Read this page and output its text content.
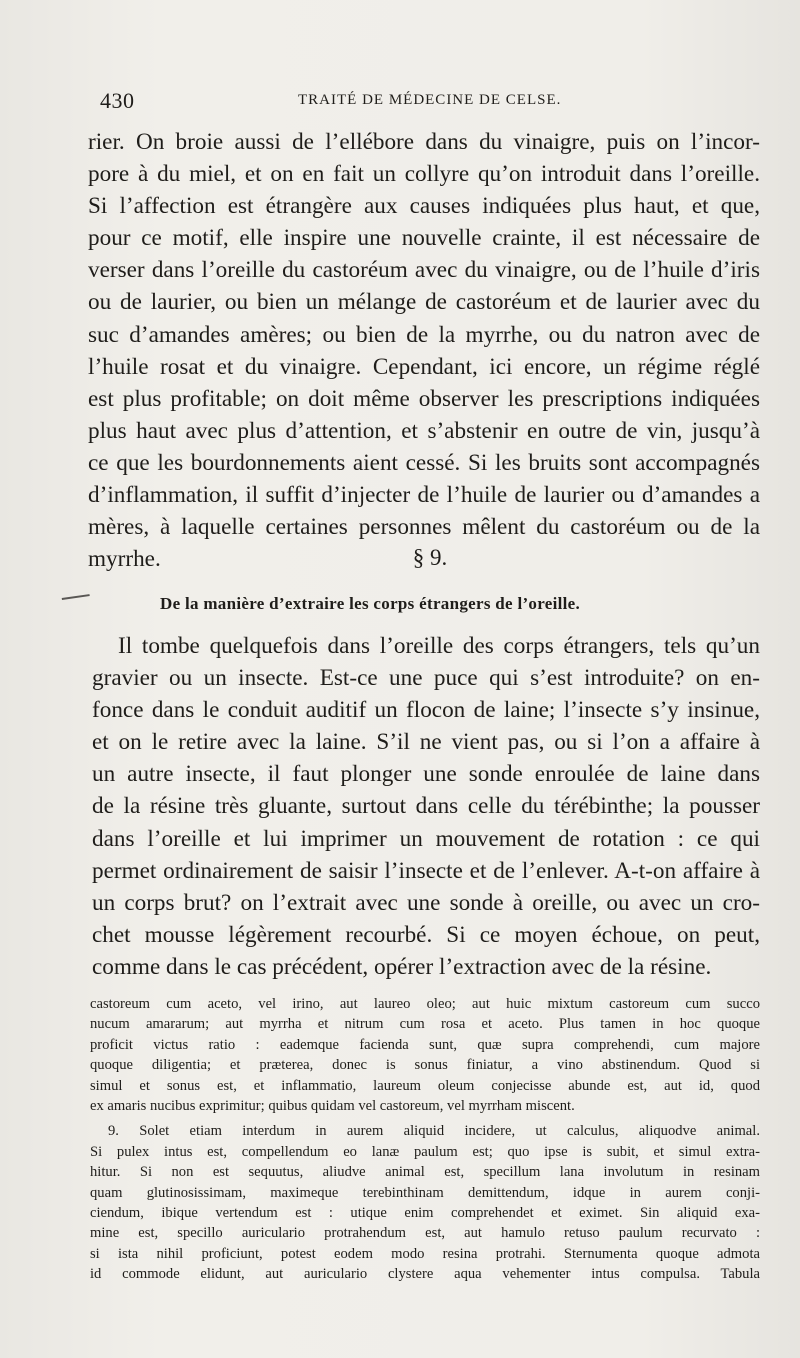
430	TRAITÉ DE MÉDECINE DE CELSE.
rier. On broie aussi de l’ellébore dans du vinaigre, puis on l’incor-
pore à du miel, et on en fait un collyre qu’on introduit dans l’oreille.
Si l’affection est étrangère aux causes indiquées plus haut, et que,
pour ce motif, elle inspire une nouvelle crainte, il est nécessaire de
verser dans l’oreille du castoréum avec du vinaigre, ou de l’huile d’iris
ou de laurier, ou bien un mélange de castoréum et de laurier avec du
suc d’amandes amères; ou bien de la myrrhe, ou du natron avec de
l’huile rosat et du vinaigre. Cependant, ici encore, un régime réglé
est plus profitable; on doit même observer les prescriptions indiquées
plus haut avec plus d’attention, et s’abstenir en outre de vin, jusqu’à
ce que les bourdonnements aient cessé. Si les bruits sont accompagnés
d’inflammation, il suffit d’injecter de l’huile de laurier ou d’amandes a
mères, à laquelle certaines personnes mêlent du castoréum ou de la
myrrhe.	§ 9.
De la manière d’extraire les corps étrangers de l’oreille.
Il tombe quelquefois dans l’oreille des corps étrangers, tels qu’un
gravier ou un insecte. Est-ce une puce qui s’est introduite? on en-
fonce dans le conduit auditif un flocon de laine; l’insecte s’y insinue,
et on le retire avec la laine. S’il ne vient pas, ou si l’on a affaire à
un autre insecte, il faut plonger une sonde enroulée de laine dans
de la résine très gluante, surtout dans celle du térébinthe; la pousser
dans l’oreille et lui imprimer un mouvement de rotation : ce qui
permet ordinairement de saisir l’insecte et de l’enlever. A-t-on affaire à
un corps brut? on l’extrait avec une sonde à oreille, ou avec un cro-
chet mousse légèrement recourbé. Si ce moyen échoue, on peut,
comme dans le cas précédent, opérer l’extraction avec de la résine.
castoreum cum aceto, vel irino, aut laureo oleo; aut huic mixtum castoreum cum succo
nucum amararum; aut myrrha et nitrum cum rosa et aceto. Plus tamen in hoc quoque
proficit victus ratio : eademque facienda sunt, quæ supra comprehendi, cum majore
quoque diligentia; et præterea, donec is sonus finiatur, a vino abstinendum. Quod si
simul et sonus est, et inflammatio, laureum oleum conjecisse abunde est, aut id, quod
ex amaris nucibus exprimitur; quibus quidam vel castoreum, vel myrrham miscent.
9. Solet etiam interdum in aurem aliquid incidere, ut calculus, aliquodve animal.
Si pulex intus est, compellendum eo lanæ paulum est; quo ipse is subit, et simul extra-
hitur. Si non est sequutus, aliudve animal est, specillum lana involutum in resinam
quam glutinosissimam, maximeque terebinthinam demittendum, idque in aurem conji-
ciendum, ibique vertendum est : utique enim comprehendet et eximet. Sin aliquid exa-
mine est, specillo auriculario protrahendum est, aut hamulo retuso paulum recurvato :
si ista nihil proficiunt, potest eodem modo resina protrahi. Sternumenta quoque admota
id commode elidunt, aut auriculario clystere aqua vehementer intus compulsa. Tabula
